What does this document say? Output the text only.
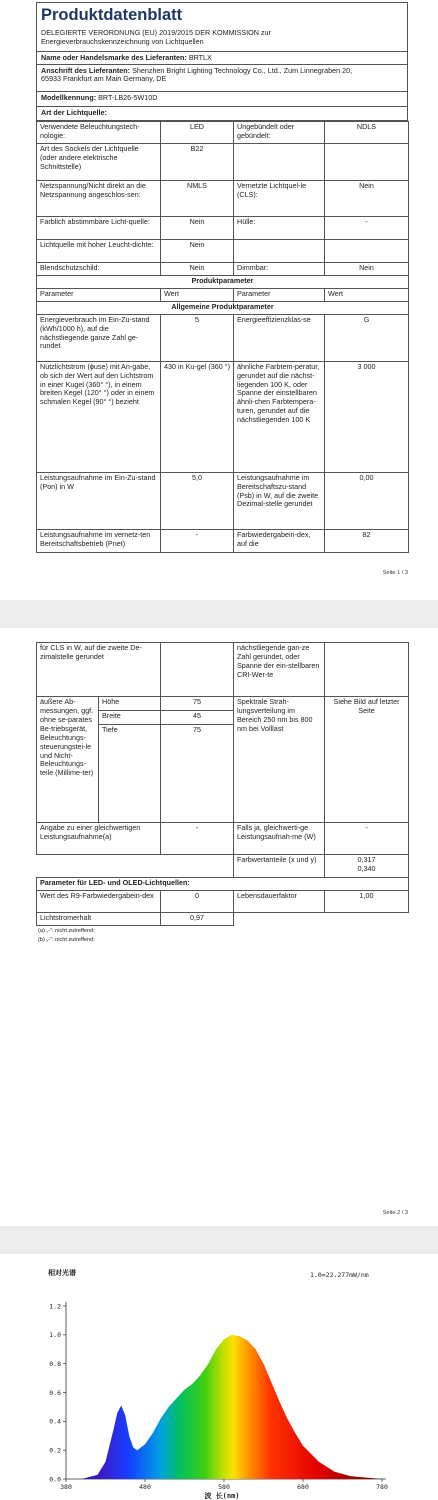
Produktdatenblatt
DELEGIERTE VERORDNUNG (EU) 2019/2015 DER KOMMISSION zur
Energieverbrauchskennzeichnung von Lichtquellen
Name oder Handelsmarke des Lieferanten: BRTLX
Anschrift des Lieferanten: Shenzhen Bright Lighting Technology Co., Ltd., Zum Linnegraben 20,
65933 Frankfurt am Main Germany, DE
Modellkennung: BRT-LB26-5W10D
Art der Lichtquelle:
Verwendete Beleuchtungstech-nologie:	LED	Ungebündelt oder gebündelt:	NDLS
Art des Sockels der Lichtquelle (oder andere elektrische Schnittstelle)	B22		
Netzspannung/Nicht direkt an die Netzspannung angeschlos-sen:	NMLS	Vernetzte Lichtquel-le (CLS):	Nein
Farblich abstimmbare Licht-quelle:	Nein	Hülle:	-
Lichtquelle mit hoher Leucht-dichte:	Nein		
Blendschutzschild:	Nein	Dimmbar:	Nein
Produktparameter			
Parameter	Wert	Parameter	Wert
Allgemeine Produktparameter			
Energieverbrauch im Ein-Zu-stand (kWh/1000 h), auf die nächstliegende ganze Zahl ge-rundet	5	Energieeffizienzklas-se	G
Nutzlichtstrom (ɸuse) mit An-gabe, ob sich der Wert auf den Lichtstrom in einer Kugel (360° °), in einem breiten Kegel (120° °) oder in einem schmalen Kegel (90° °) bezieht	430 in Ku-gel (360 °)	ähnliche Farbtem-peratur, gerundet auf die nächst-liegenden 100 K, oder Spanne der einstellbaren ähnli-chen Farbtempera-turen, gerundet auf die nächstliegenden 100 K	3 000
Leistungsaufnahme im Ein-Zu-stand (Pon) in W	5,0	Leistungsaufnahme im Bereitschaftszu-stand (Psb) in W, auf die zweite Dezimal-stelle gerundet	0,00
Leistungsaufnahme im vernetz-ten Bereitschaftsbetrieb (Pnet)	-	Farbwiedergabein-dex, auf die	82
Seite 1 / 3
für CLS in W, auf die zweite De-zimalstelle gerundet			nächstliegende gan-ze Zahl gerundet, oder Spanne der ein-stellbaren CRI-Wer-te	
äußere Ab-messungen, ggf. ohne se-parates Be-triebsgerät, Beleuchtungs-steuerungstei-le und Nicht-Beleuchtungs-teile (Millime-ter)	Höhe	75	Spektrale Strah-lungsverteilung im Bereich 250 nm bis 800 nm bei Volllast	Siehe Bild auf letzter Seite
	Breite	45		
	Tiefe	75		
Angabe zu einer gleichwertigen Leistungsaufnahme(a)		-	Falls ja, gleichwerti-ge Leistungsaufnah-me (W)	-
			Farbwertanteile (x und y)	0,317
0,340
Parameter für LED- und OLED-Lichtquellen:				
Wert des R9-Farbwiedergabein-dex		0	Lebensdauerfaktor	1,00
Lichtstromerhalt		0,97		
(a) „-“: nicht zutreffend;
(b) „-“: nicht zutreffend;
Seite 2 / 3
相对光谱	1.0=22.277mW/nm
0.0
0.2
0.4
0.6
0.8
1.0
1.2
380	480	580	680	780
波 长(nm)
